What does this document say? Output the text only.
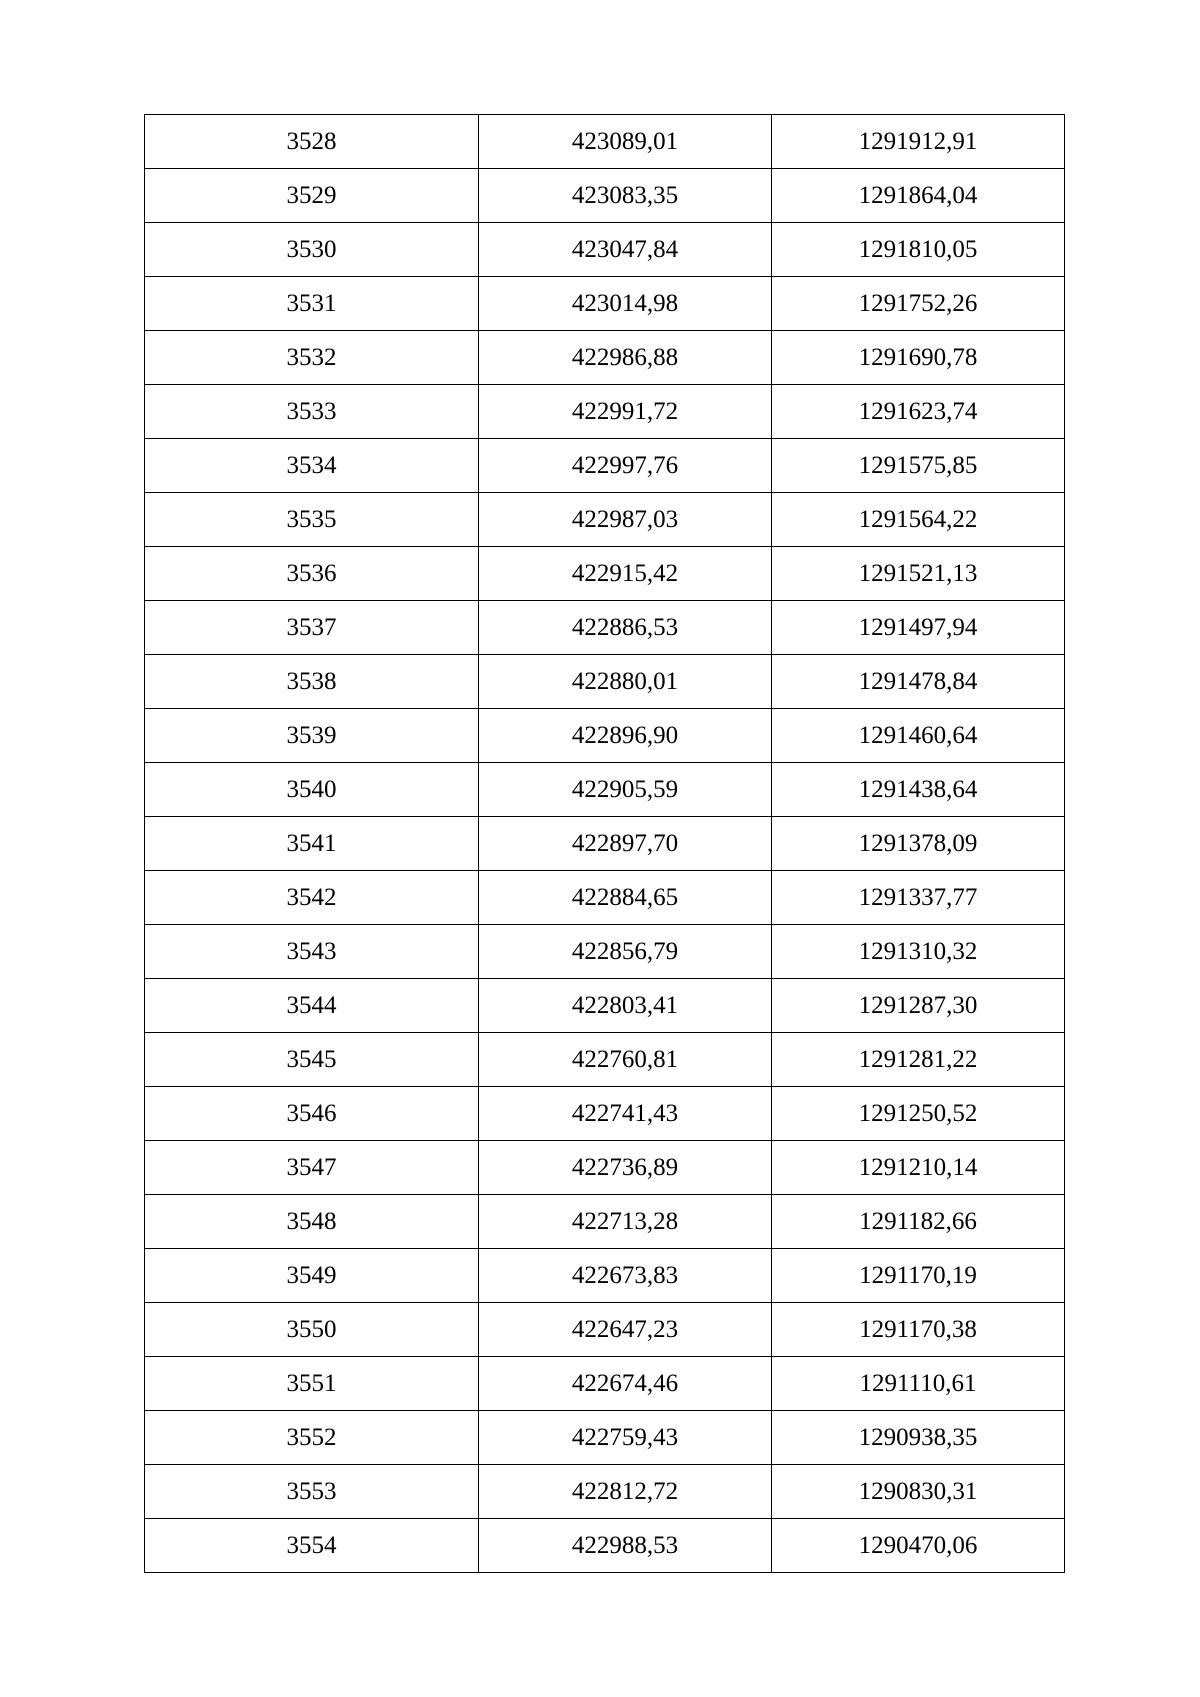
3528	423089,01	1291912,91
3529	423083,35	1291864,04
3530	423047,84	1291810,05
3531	423014,98	1291752,26
3532	422986,88	1291690,78
3533	422991,72	1291623,74
3534	422997,76	1291575,85
3535	422987,03	1291564,22
3536	422915,42	1291521,13
3537	422886,53	1291497,94
3538	422880,01	1291478,84
3539	422896,90	1291460,64
3540	422905,59	1291438,64
3541	422897,70	1291378,09
3542	422884,65	1291337,77
3543	422856,79	1291310,32
3544	422803,41	1291287,30
3545	422760,81	1291281,22
3546	422741,43	1291250,52
3547	422736,89	1291210,14
3548	422713,28	1291182,66
3549	422673,83	1291170,19
3550	422647,23	1291170,38
3551	422674,46	1291110,61
3552	422759,43	1290938,35
3553	422812,72	1290830,31
3554	422988,53	1290470,06
